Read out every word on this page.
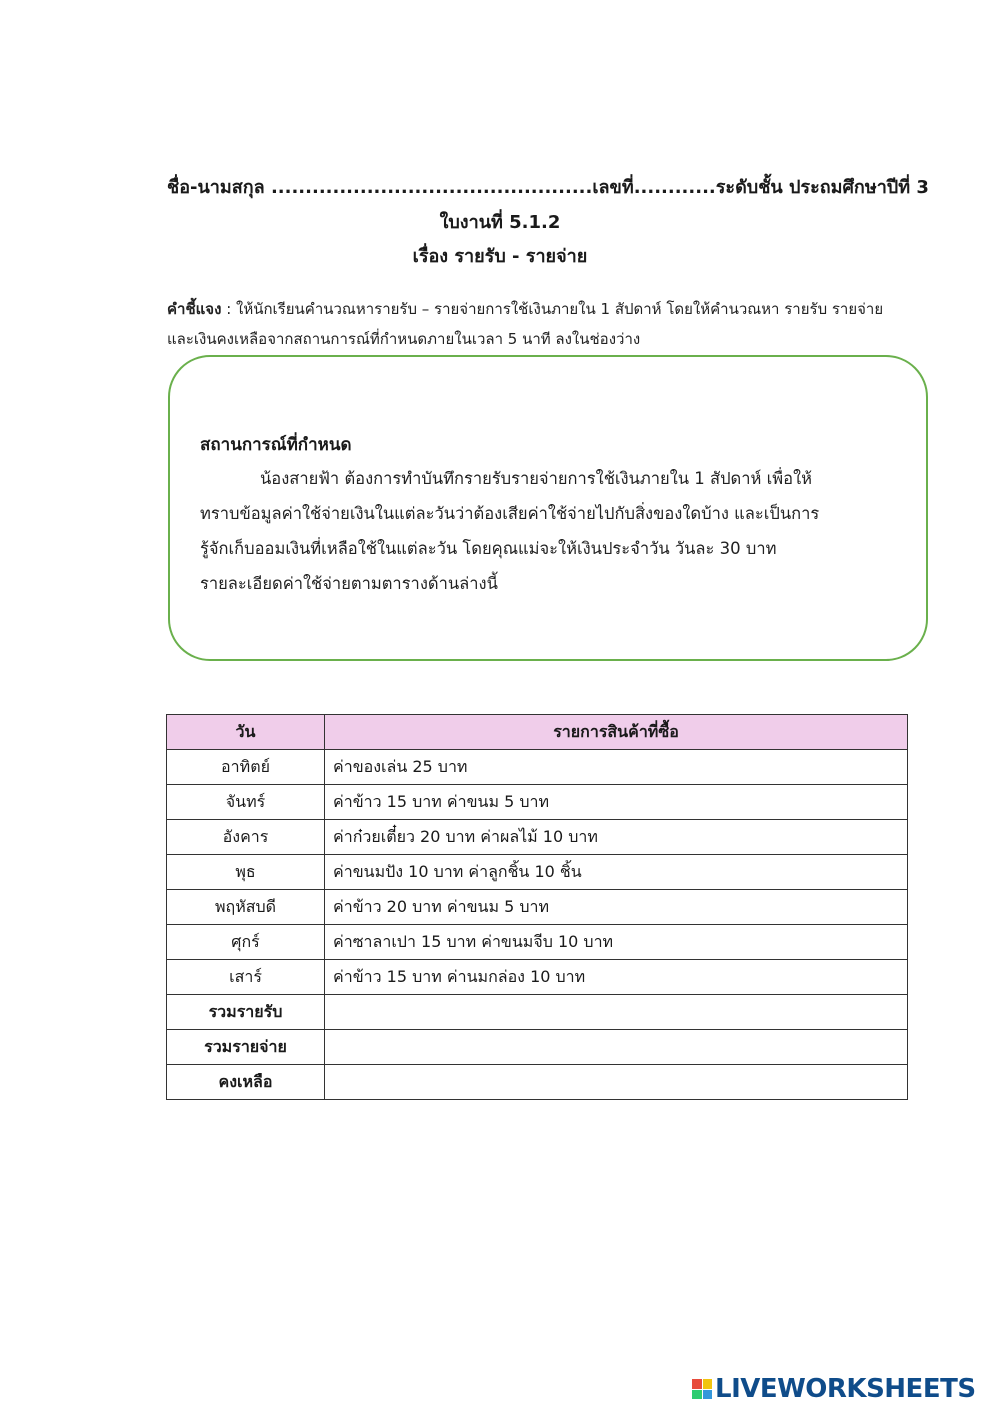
ชื่อ-นามสกุล ...............................................เลขที่............ระดับชั้น ประถมศึกษาปีที่ 3
ใบงานที่ 5.1.2
เรื่อง รายรับ - รายจ่าย
คำชี้แจง : ให้นักเรียนคำนวณหารายรับ – รายจ่ายการใช้เงินภายใน 1 สัปดาห์ โดยให้คำนวณหา รายรับ รายจ่าย และเงินคงเหลือจากสถานการณ์ที่กำหนดภายในเวลา 5 นาที ลงในช่องว่าง
สถานการณ์ที่กำหนด

น้องสายฟ้า ต้องการทำบันทึกรายรับรายจ่ายการใช้เงินภายใน 1 สัปดาห์ เพื่อให้

ทราบข้อมูลค่าใช้จ่ายเงินในแต่ละวันว่าต้องเสียค่าใช้จ่ายไปกับสิ่งของใดบ้าง และเป็นการ

รู้จักเก็บออมเงินที่เหลือใช้ในแต่ละวัน โดยคุณแม่จะให้เงินประจำวัน วันละ 30 บาท

รายละเอียดค่าใช้จ่ายตามตารางด้านล่างนี้

วัน	รายการสินค้าที่ซื้อ
อาทิตย์	ค่าของเล่น 25 บาท
จันทร์	ค่าข้าว 15 บาท ค่าขนม 5 บาท
อังคาร	ค่าก๋วยเตี๋ยว 20 บาท ค่าผลไม้ 10 บาท
พุธ	ค่าขนมปัง 10 บาท ค่าลูกชิ้น 10 ชิ้น
พฤหัสบดี	ค่าข้าว 20 บาท ค่าขนม 5 บาท
ศุกร์	ค่าซาลาเปา 15 บาท ค่าขนมจีบ 10 บาท
เสาร์	ค่าข้าว 15 บาท ค่านมกล่อง 10 บาท
รวมรายรับ	
รวมรายจ่าย	
คงเหลือ	
LIVEWORKSHEETS
